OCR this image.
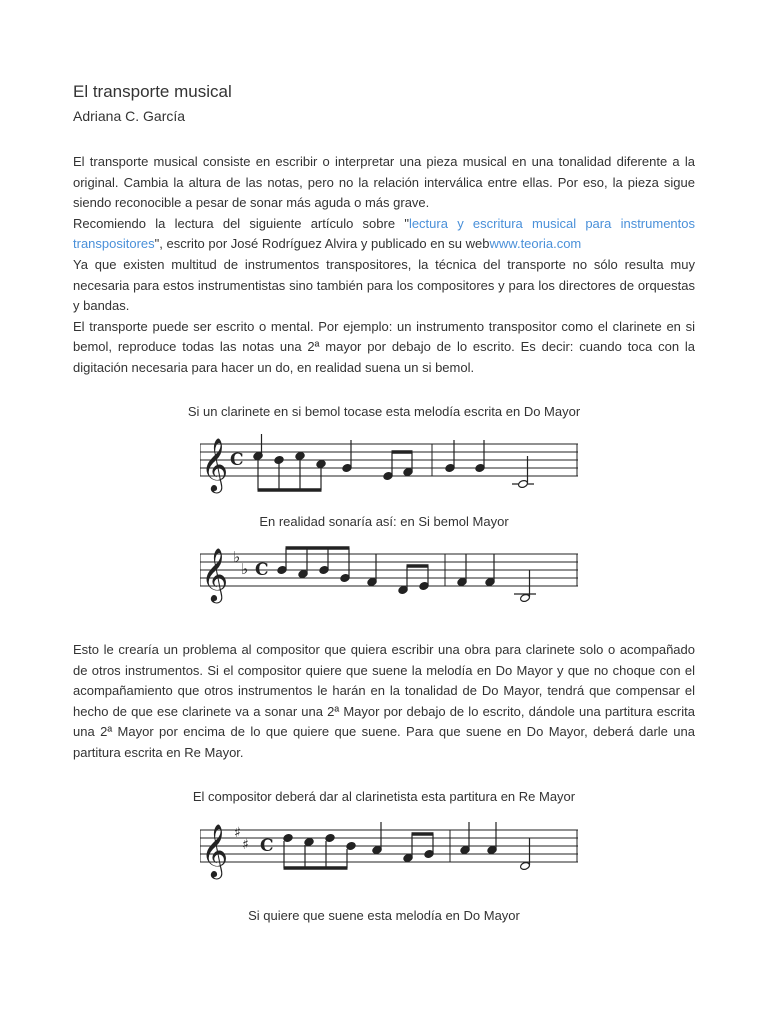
El transporte musical
Adriana C. García

El transporte musical consiste en escribir o interpretar una pieza musical en una tonalidad diferente a la original. Cambia la altura de las notas, pero no la relación interválica entre ellas. Por eso, la pieza sigue siendo reconocible a pesar de sonar más aguda o más grave.

Recomiendo la lectura del siguiente artículo sobre "lectura y escritura musical para instrumentos transpositores", escrito por José Rodríguez Alvira y publicado en su webwww.teoria.com

Ya que existen multitud de instrumentos transpositores, la técnica del transporte no sólo resulta muy necesaria para estos instrumentistas sino también para los compositores y para los directores de orquestas y bandas.

El transporte puede ser escrito o mental. Por ejemplo: un instrumento transpositor como el clarinete en si bemol, reproduce todas las notas una 2ª mayor por debajo de lo escrito. Es decir: cuando toca con la digitación necesaria para hacer un do, en realidad suena un si bemol.

Si un clarinete en si bemol tocase esta melodía escrita en Do Mayor
En realidad sonaría así: en Si bemol Mayor

Esto le crearía un problema al compositor que quiera escribir una obra para clarinete solo o acompañado de otros instrumentos. Si el compositor quiere que suene la melodía en Do Mayor y que no choque con el acompañamiento que otros instrumentos le harán en la tonalidad de Do Mayor, tendrá que compensar el hecho de que ese clarinete va a sonar una 2ª Mayor por debajo de lo escrito, dándole una partitura escrita una 2ª Mayor por encima de lo que quiere que suene. Para que suene en Do Mayor, deberá darle una partitura escrita en Re Mayor.

El compositor deberá dar al clarinetista esta partitura en Re Mayor
Si quiere que suene esta melodía en Do Mayor
𝄞 C
𝄞 ♭
♭ C
𝄞 ♯
♯ C
